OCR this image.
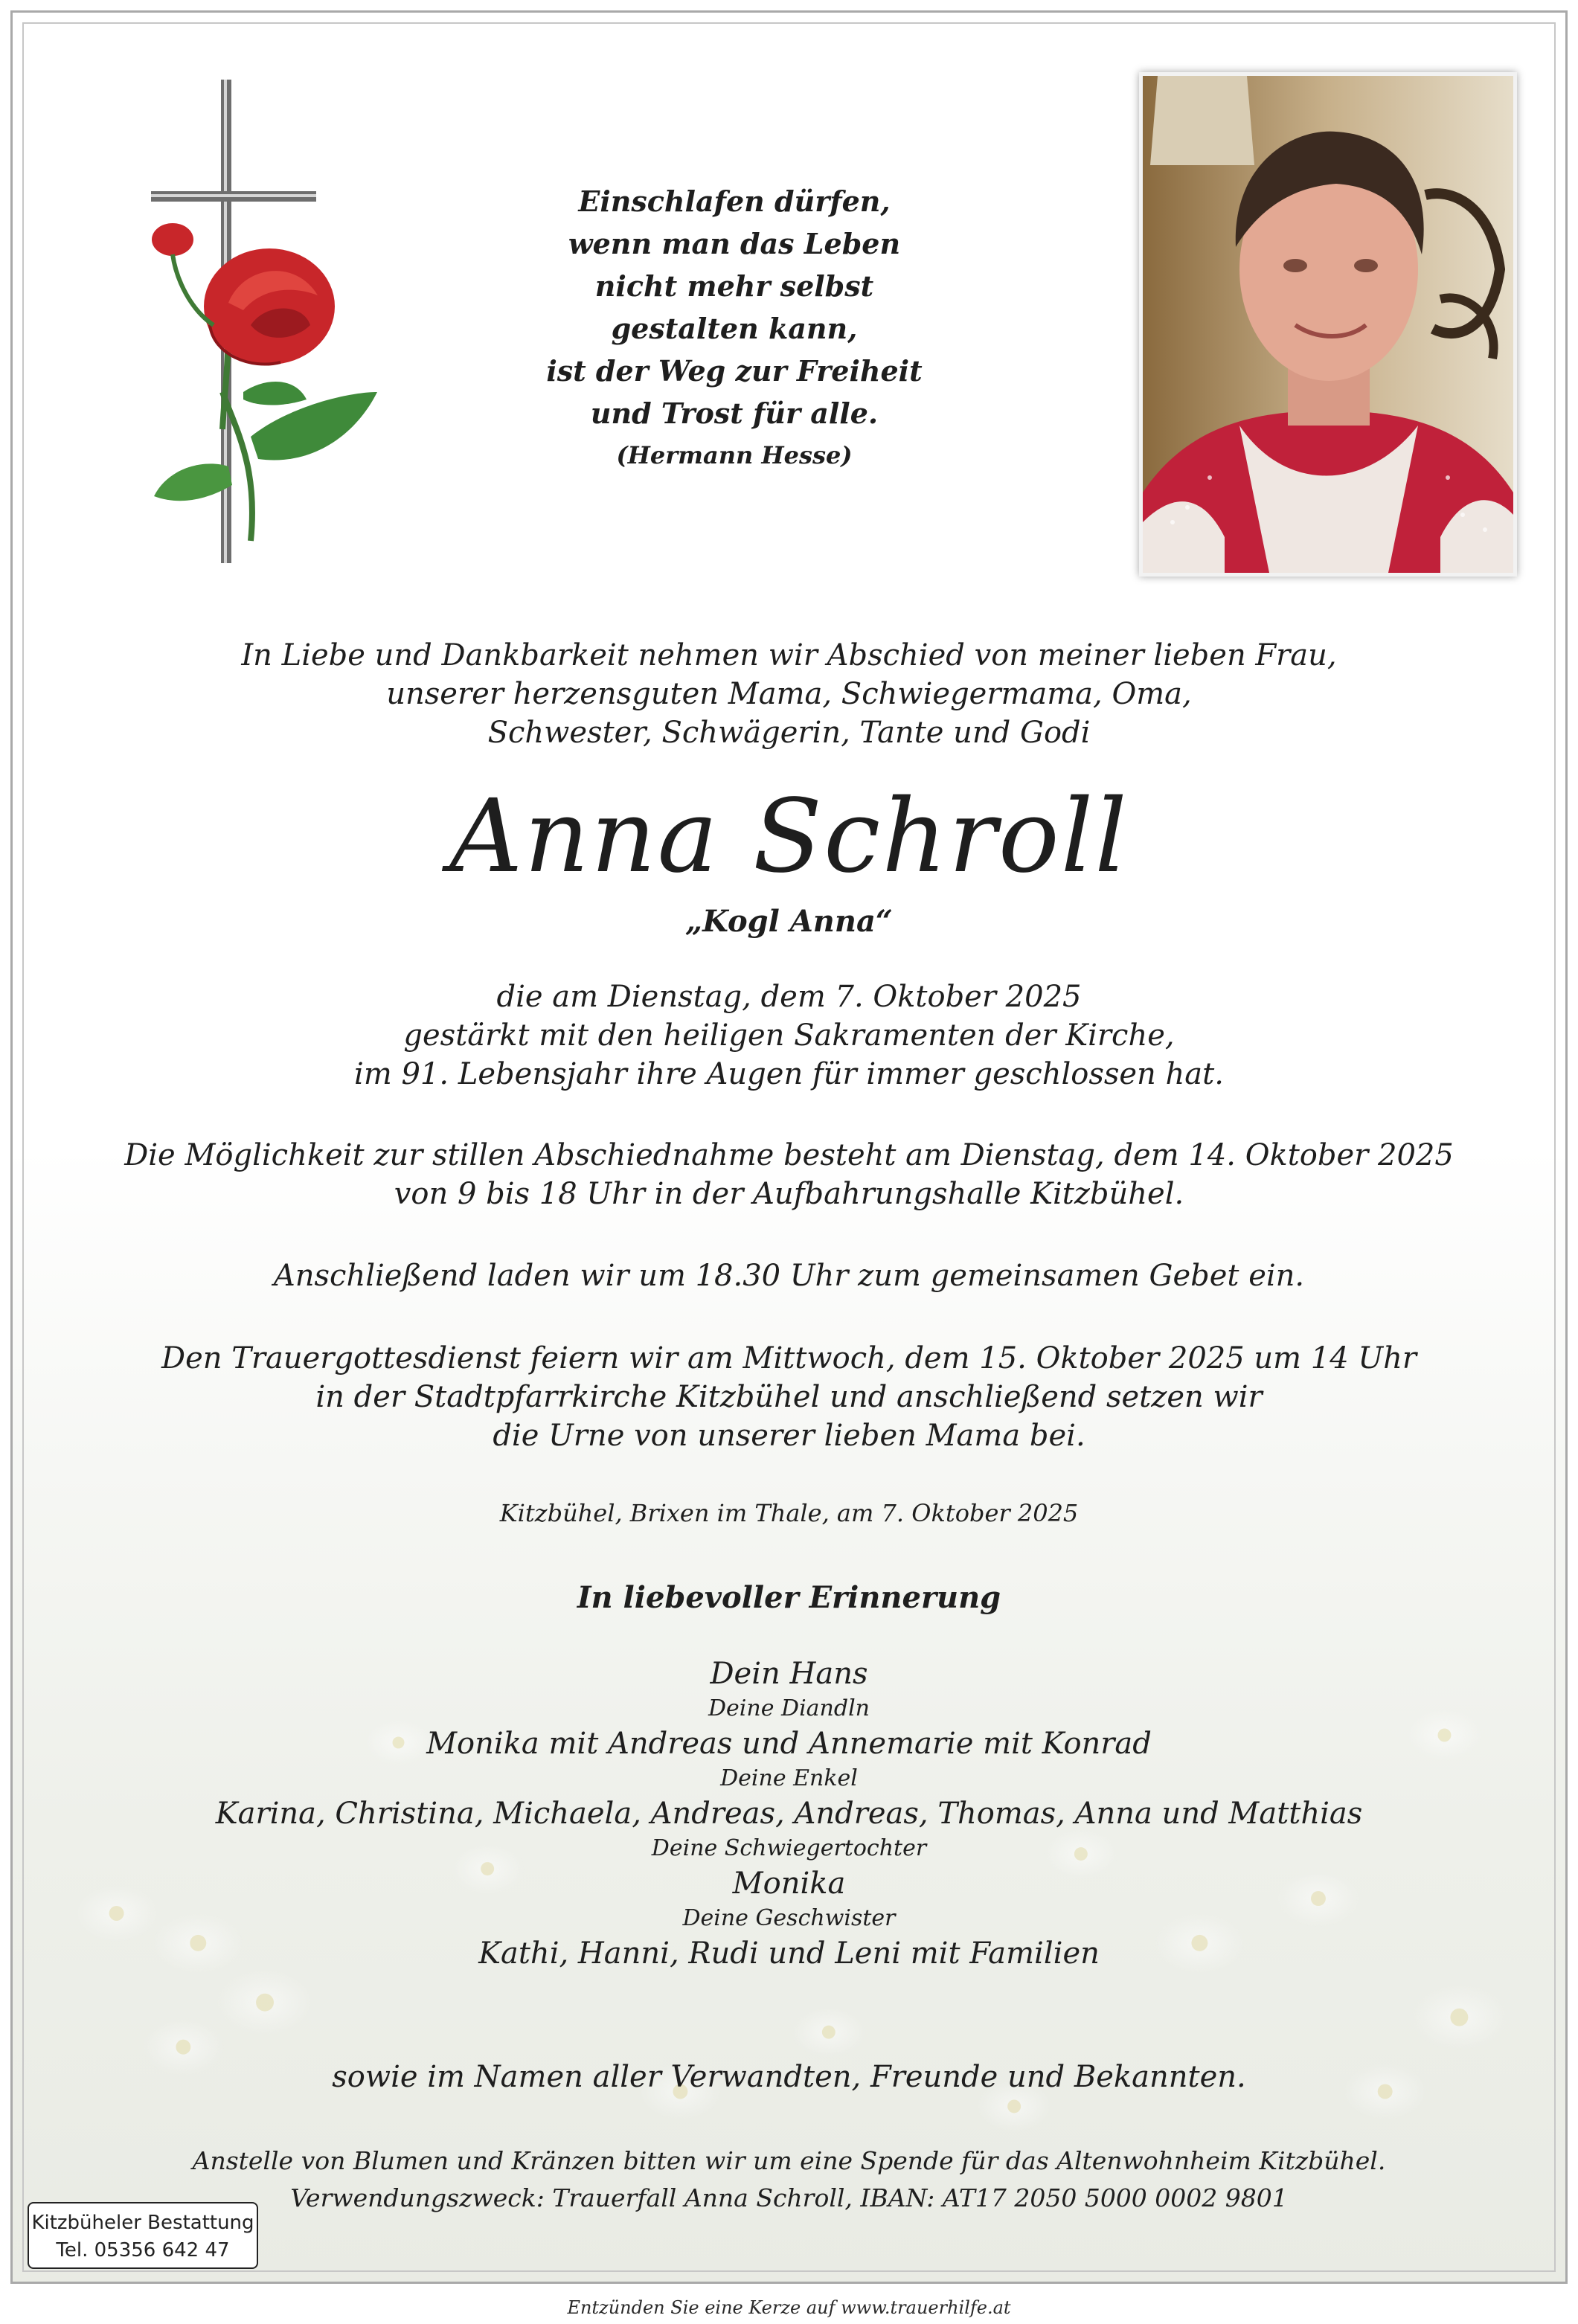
Einschlafen dürfen,
wenn man das Leben
nicht mehr selbst
gestalten kann,
ist der Weg zur Freiheit
und Trost für alle.
(Hermann Hesse)
In Liebe und Dankbarkeit nehmen wir Abschied von meiner lieben Frau,
unserer herzensguten Mama, Schwiegermama, Oma,
Schwester, Schwägerin, Tante und Godi
Anna Schroll
„Kogl Anna“
die am Dienstag, dem 7. Oktober 2025
gestärkt mit den heiligen Sakramenten der Kirche,
im 91. Lebensjahr ihre Augen für immer geschlossen hat.
Die Möglichkeit zur stillen Abschiednahme besteht am Dienstag, dem 14. Oktober 2025
von 9 bis 18 Uhr in der Aufbahrungshalle Kitzbühel.
Anschließend laden wir um 18.30 Uhr zum gemeinsamen Gebet ein.
Den Trauergottesdienst feiern wir am Mittwoch, dem 15. Oktober 2025 um 14 Uhr
in der Stadtpfarrkirche Kitzbühel und anschließend setzen wir
die Urne von unserer lieben Mama bei.
Kitzbühel, Brixen im Thale, am 7. Oktober 2025
In liebevoller Erinnerung
Dein Hans
Deine Diandln
Monika mit Andreas und Annemarie mit Konrad
Deine Enkel
Karina, Christina, Michaela, Andreas, Andreas, Thomas, Anna und Matthias
Deine Schwiegertochter
Monika
Deine Geschwister
Kathi, Hanni, Rudi und Leni mit Familien
sowie im Namen aller Verwandten, Freunde und Bekannten.
Anstelle von Blumen und Kränzen bitten wir um eine Spende für das Altenwohnheim Kitzbühel.
Verwendungszweck: Trauerfall Anna Schroll, IBAN: AT17 2050 5000 0002 9801
Kitzbüheler Bestattung
Tel. 05356 642 47
Entzünden Sie eine Kerze auf www.trauerhilfe.at
